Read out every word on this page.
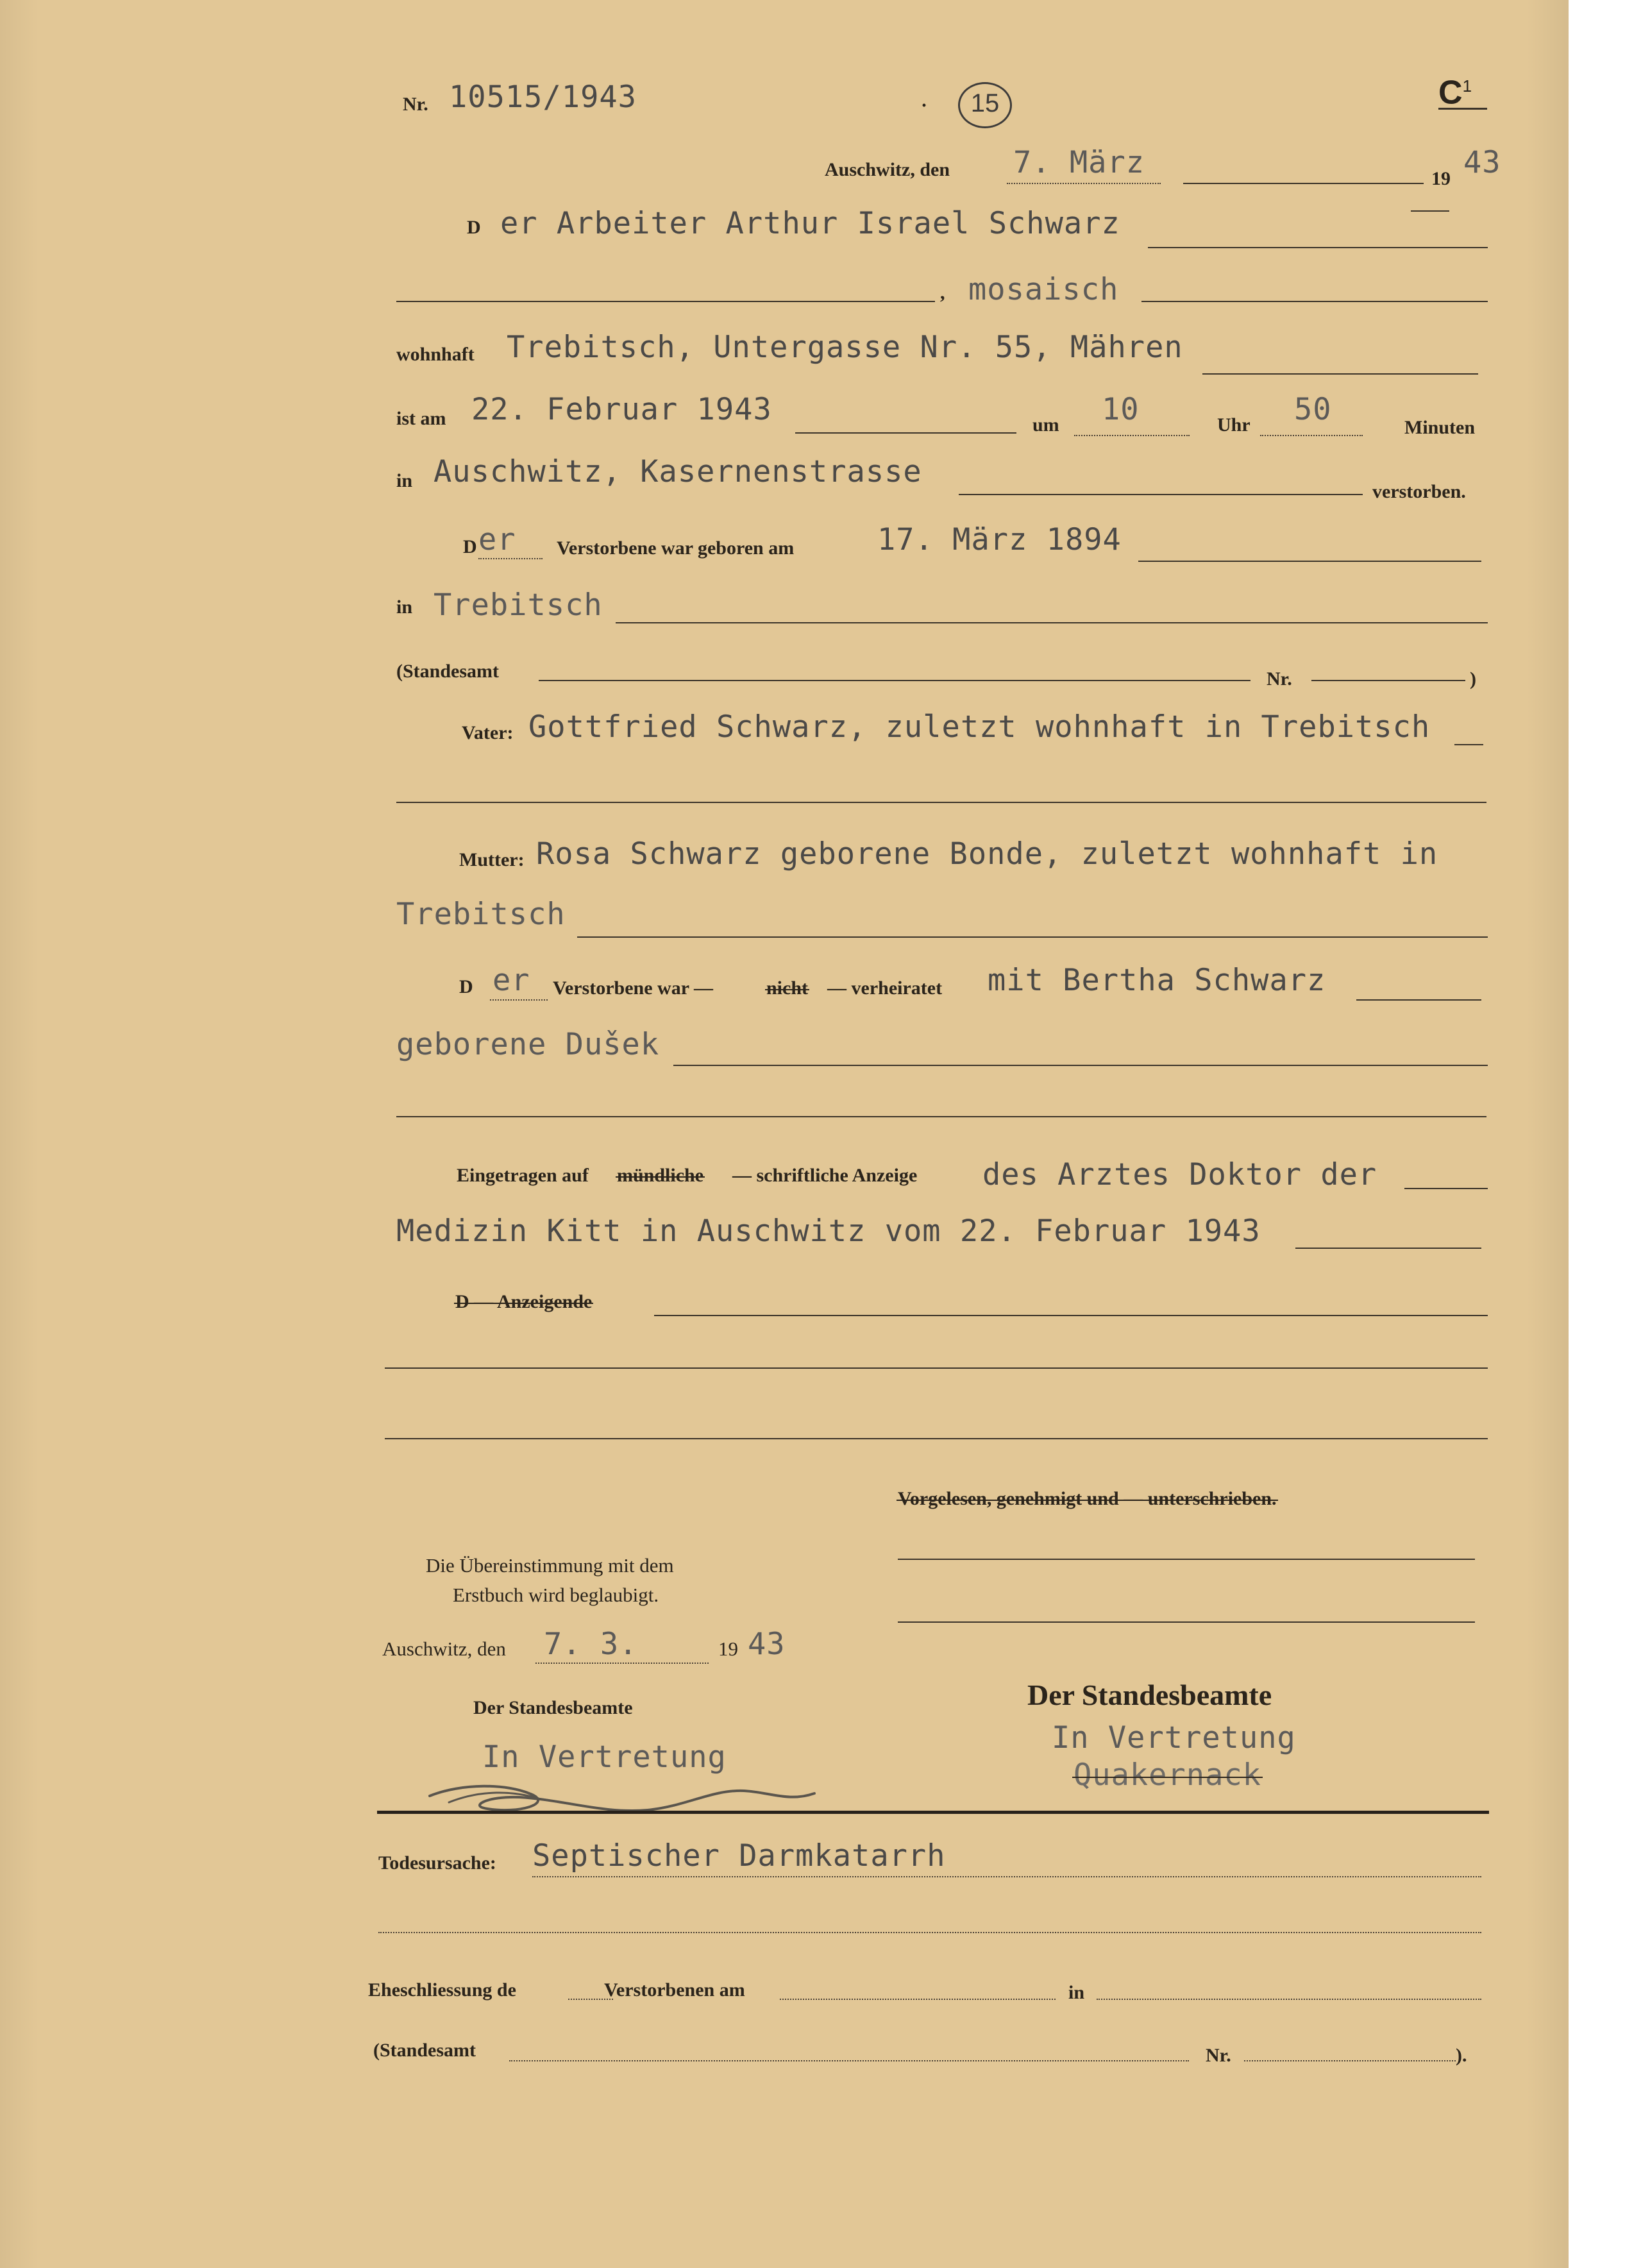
Nr. 10515/1943	15
·	$C^1$
Auschwitz, den 7. März	19 43
D er Arbeiter Arthur Israel Schwarz
, mosaisch
wohnhaft Trebitsch, Untergasse Nr. 55, Mähren
ist am 22. Februar 1943	um 10	Uhr 50
Minuten
in Auschwitz, Kasernenstrasse
verstorben.
D er Verstorbene war geboren am	17. März 1894
in Trebitsch
(Standesamt	Nr.	)
Vater: Gottfried Schwarz, zuletzt wohnhaft in Trebitsch
Mutter: Rosa Schwarz geborene Bonde, zuletzt wohnhaft in
Trebitsch
D er Verstorbene war —	nicht — verheiratet mit Bertha Schwarz
geborene Dušek
Eingetragen auf mündliche — schriftliche Anzeige des Arztes Doktor der
Medizin Kitt in Auschwitz vom 22. Februar 1943
D — Anzeigende
Vorgelesen, genehmigt und — unterschrieben.
Die Übereinstimmung mit dem
Erstbuch wird beglaubigt.
Auschwitz, den 7. 3.	19 43
Der Standesbeamte
In Vertretung
Der Standesbeamte
In Vertretung
Quakernack
Todesursache: Septischer Darmkatarrh
Eheschliessung de	Verstorbenen am	in
(Standesamt	Nr.	).
